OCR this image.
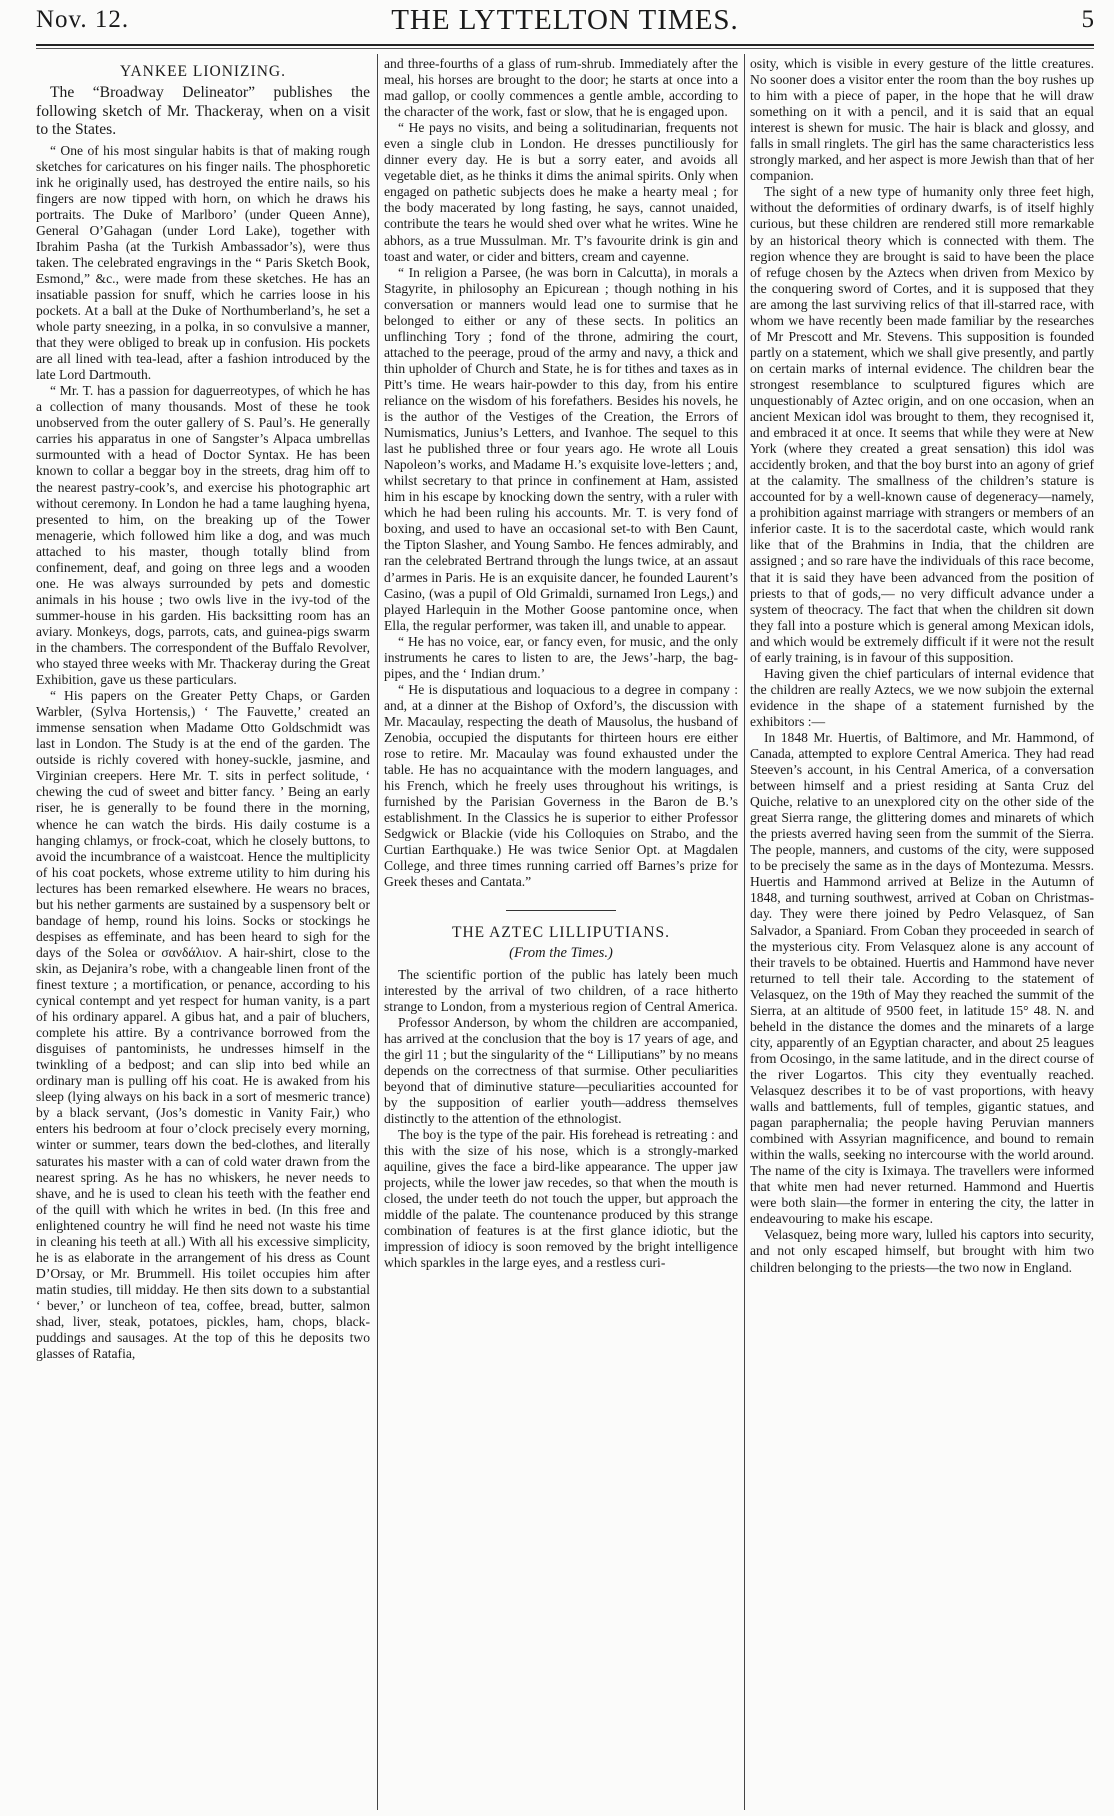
Nov. 12.	THE LYTTELTON TIMES.	5
YANKEE LIONIZING.

The “Broadway Delineator” publishes the following sketch of Mr. Thackeray, when on a visit to the States.

“ One of his most singular habits is that of making rough sketches for caricatures on his finger nails. The phosphoretic ink he originally used, has destroyed the entire nails, so his fingers are now tipped with horn, on which he draws his portraits. The Duke of Marlboro’ (under Queen Anne), General O’Gahagan (under Lord Lake), together with Ibrahim Pasha (at the Turkish Ambassador’s), were thus taken. The celebrated engravings in the “ Paris Sketch Book, Esmond,” &c., were made from these sketches. He has an insatiable passion for snuff, which he carries loose in his pockets. At a ball at the Duke of Northumberland’s, he set a whole party sneezing, in a polka, in so convulsive a manner, that they were obliged to break up in confusion. His pockets are all lined with tea-lead, after a fashion introduced by the late Lord Dartmouth.

“ Mr. T. has a passion for daguerreotypes, of which he has a collection of many thousands. Most of these he took unobserved from the outer gallery of S. Paul’s. He generally carries his apparatus in one of Sangster’s Alpaca umbrellas surmounted with a head of Doctor Syntax. He has been known to collar a beggar boy in the streets, drag him off to the nearest pastry-cook’s, and exercise his photographic art without ceremony. In London he had a tame laughing hyena, presented to him, on the breaking up of the Tower menagerie, which followed him like a dog, and was much attached to his master, though totally blind from confinement, deaf, and going on three legs and a wooden one. He was always surrounded by pets and domestic animals in his house ; two owls live in the ivy-tod of the summer-house in his garden. His backsitting room has an aviary. Monkeys, dogs, parrots, cats, and guinea-pigs swarm in the chambers. The correspondent of the Buffalo Revolver, who stayed three weeks with Mr. Thackeray during the Great Exhibition, gave us these particulars.

“ His papers on the Greater Petty Chaps, or Garden Warbler, (Sylva Hortensis,) ‘ The Fauvette,’ created an immense sensation when Madame Otto Goldschmidt was last in London. The Study is at the end of the garden. The outside is richly covered with honey-suckle, jasmine, and Virginian creepers. Here Mr. T. sits in perfect solitude, ‘ chewing the cud of sweet and bitter fancy. ’ Being an early riser, he is generally to be found there in the morning, whence he can watch the birds. His daily costume is a hanging chlamys, or frock-coat, which he closely buttons, to avoid the incumbrance of a waistcoat. Hence the multiplicity of his coat pockets, whose extreme utility to him during his lectures has been remarked elsewhere. He wears no braces, but his nether garments are sustained by a suspensory belt or bandage of hemp, round his loins. Socks or stockings he despises as effeminate, and has been heard to sigh for the days of the Solea or σανδάλιον. A hair-shirt, close to the skin, as Dejanira’s robe, with a changeable linen front of the finest texture ; a mortification, or penance, according to his cynical contempt and yet respect for human vanity, is a part of his ordinary apparel. A gibus hat, and a pair of bluchers, complete his attire. By a contrivance borrowed from the disguises of pantominists, he undresses himself in the twinkling of a bedpost; and can slip into bed while an ordinary man is pulling off his coat. He is awaked from his sleep (lying always on his back in a sort of mesmeric trance) by a black servant, (Jos’s domestic in Vanity Fair,) who enters his bedroom at four o’clock precisely every morning, winter or summer, tears down the bed-clothes, and literally saturates his master with a can of cold water drawn from the nearest spring. As he has no whiskers, he never needs to shave, and he is used to clean his teeth with the feather end of the quill with which he writes in bed. (In this free and enlightened country he will find he need not waste his time in cleaning his teeth at all.) With all his excessive simplicity, he is as elaborate in the arrangement of his dress as Count D’Orsay, or Mr. Brummell. His toilet occupies him after matin studies, till midday. He then sits down to a substantial ‘ bever,’ or luncheon of tea, coffee, bread, butter, salmon shad, liver, steak, potatoes, pickles, ham, chops, black-puddings and sausages. At the top of this he deposits two glasses of Ratafia,

and three-fourths of a glass of rum-shrub. Immediately after the meal, his horses are brought to the door; he starts at once into a mad gallop, or coolly commences a gentle amble, according to the character of the work, fast or slow, that he is engaged upon.

“ He pays no visits, and being a solitudinarian, frequents not even a single club in London. He dresses punctiliously for dinner every day. He is but a sorry eater, and avoids all vegetable diet, as he thinks it dims the animal spirits. Only when engaged on pathetic subjects does he make a hearty meal ; for the body macerated by long fasting, he says, cannot unaided, contribute the tears he would shed over what he writes. Wine he abhors, as a true Mussulman. Mr. T’s favourite drink is gin and toast and water, or cider and bitters, cream and cayenne.

“ In religion a Parsee, (he was born in Calcutta), in morals a Stagyrite, in philosophy an Epicurean ; though nothing in his conversation or manners would lead one to surmise that he belonged to either or any of these sects. In politics an unflinching Tory ; fond of the throne, admiring the court, attached to the peerage, proud of the army and navy, a thick and thin upholder of Church and State, he is for tithes and taxes as in Pitt’s time. He wears hair-powder to this day, from his entire reliance on the wisdom of his forefathers. Besides his novels, he is the author of the Vestiges of the Creation, the Errors of Numismatics, Junius’s Letters, and Ivanhoe. The sequel to this last he published three or four years ago. He wrote all Louis Napoleon’s works, and Madame H.’s exquisite love-letters ; and, whilst secretary to that prince in confinement at Ham, assisted him in his escape by knocking down the sentry, with a ruler with which he had been ruling his accounts. Mr. T. is very fond of boxing, and used to have an occasional set-to with Ben Caunt, the Tipton Slasher, and Young Sambo. He fences admirably, and ran the celebrated Bertrand through the lungs twice, at an assaut d’armes in Paris. He is an exquisite dancer, he founded Laurent’s Casino, (was a pupil of Old Grimaldi, surnamed Iron Legs,) and played Harlequin in the Mother Goose pantomine once, when Ella, the regular performer, was taken ill, and unable to appear.

“ He has no voice, ear, or fancy even, for music, and the only instruments he cares to listen to are, the Jews’-harp, the bag-pipes, and the ‘ Indian drum.’

“ He is disputatious and loquacious to a degree in company : and, at a dinner at the Bishop of Oxford’s, the discussion with Mr. Macaulay, respecting the death of Mausolus, the husband of Zenobia, occupied the disputants for thirteen hours ere either rose to retire. Mr. Macaulay was found exhausted under the table. He has no acquaintance with the modern languages, and his French, which he freely uses throughout his writings, is furnished by the Parisian Governess in the Baron de B.’s establishment. In the Classics he is superior to either Professor Sedgwick or Blackie (vide his Colloquies on Strabo, and the Curtian Earthquake.) He was twice Senior Opt. at Magdalen College, and three times running carried off Barnes’s prize for Greek theses and Cantata.”

THE AZTEC LILLIPUTIANS.
(From the Times.)

The scientific portion of the public has lately been much interested by the arrival of two children, of a race hitherto strange to London, from a mysterious region of Central America.

Professor Anderson, by whom the children are accompanied, has arrived at the conclusion that the boy is 17 years of age, and the girl 11 ; but the singularity of the “ Lilliputians” by no means depends on the correctness of that surmise. Other peculiarities beyond that of diminutive stature—peculiarities accounted for by the supposition of earlier youth—address themselves distinctly to the attention of the ethnologist.

The boy is the type of the pair. His forehead is retreating : and this with the size of his nose, which is a strongly-marked aquiline, gives the face a bird-like appearance. The upper jaw projects, while the lower jaw recedes, so that when the mouth is closed, the under teeth do not touch the upper, but approach the middle of the palate. The countenance produced by this strange combination of features is at the first glance idiotic, but the impression of idiocy is soon removed by the bright intelligence which sparkles in the large eyes, and a restless curi-

osity, which is visible in every gesture of the little creatures. No sooner does a visitor enter the room than the boy rushes up to him with a piece of paper, in the hope that he will draw something on it with a pencil, and it is said that an equal interest is shewn for music. The hair is black and glossy, and falls in small ringlets. The girl has the same characteristics less strongly marked, and her aspect is more Jewish than that of her companion.

The sight of a new type of humanity only three feet high, without the deformities of ordinary dwarfs, is of itself highly curious, but these children are rendered still more remarkable by an historical theory which is connected with them. The region whence they are brought is said to have been the place of refuge chosen by the Aztecs when driven from Mexico by the conquering sword of Cortes, and it is supposed that they are among the last surviving relics of that ill-starred race, with whom we have recently been made familiar by the researches of Mr Prescott and Mr. Stevens. This supposition is founded partly on a statement, which we shall give presently, and partly on certain marks of internal evidence. The children bear the strongest resemblance to sculptured figures which are unquestionably of Aztec origin, and on one occasion, when an ancient Mexican idol was brought to them, they recognised it, and embraced it at once. It seems that while they were at New York (where they created a great sensation) this idol was accidently broken, and that the boy burst into an agony of grief at the calamity. The smallness of the children’s stature is accounted for by a well-known cause of degeneracy—namely, a prohibition against marriage with strangers or members of an inferior caste. It is to the sacerdotal caste, which would rank like that of the Brahmins in India, that the children are assigned ; and so rare have the individuals of this race become, that it is said they have been advanced from the position of priests to that of gods,— no very difficult advance under a system of theocracy. The fact that when the children sit down they fall into a posture which is general among Mexican idols, and which would be extremely difficult if it were not the result of early training, is in favour of this supposition.

Having given the chief particulars of internal evidence that the children are really Aztecs, we we now subjoin the external evidence in the shape of a statement furnished by the exhibitors :—

In 1848 Mr. Huertis, of Baltimore, and Mr. Hammond, of Canada, attempted to explore Central America. They had read Steeven’s account, in his Central America, of a conversation between himself and a priest residing at Santa Cruz del Quiche, relative to an unexplored city on the other side of the great Sierra range, the glittering domes and minarets of which the priests averred having seen from the summit of the Sierra. The people, manners, and customs of the city, were supposed to be precisely the same as in the days of Montezuma. Messrs. Huertis and Hammond arrived at Belize in the Autumn of 1848, and turning southwest, arrived at Coban on Christmas-day. They were there joined by Pedro Velasquez, of San Salvador, a Spaniard. From Coban they proceeded in search of the mysterious city. From Velasquez alone is any account of their travels to be obtained. Huertis and Hammond have never returned to tell their tale. According to the statement of Velasquez, on the 19th of May they reached the summit of the Sierra, at an altitude of 9500 feet, in latitude 15° 48. N. and beheld in the distance the domes and the minarets of a large city, apparently of an Egyptian character, and about 25 leagues from Ocosingo, in the same latitude, and in the direct course of the river Logartos. This city they eventually reached. Velasquez describes it to be of vast proportions, with heavy walls and battlements, full of temples, gigantic statues, and pagan paraphernalia; the people having Peruvian manners combined with Assyrian magnificence, and bound to remain within the walls, seeking no intercourse with the world around. The name of the city is Iximaya. The travellers were informed that white men had never returned. Hammond and Huertis were both slain—the former in entering the city, the latter in endeavouring to make his escape.

Velasquez, being more wary, lulled his captors into security, and not only escaped himself, but brought with him two children belonging to the priests—the two now in England.
